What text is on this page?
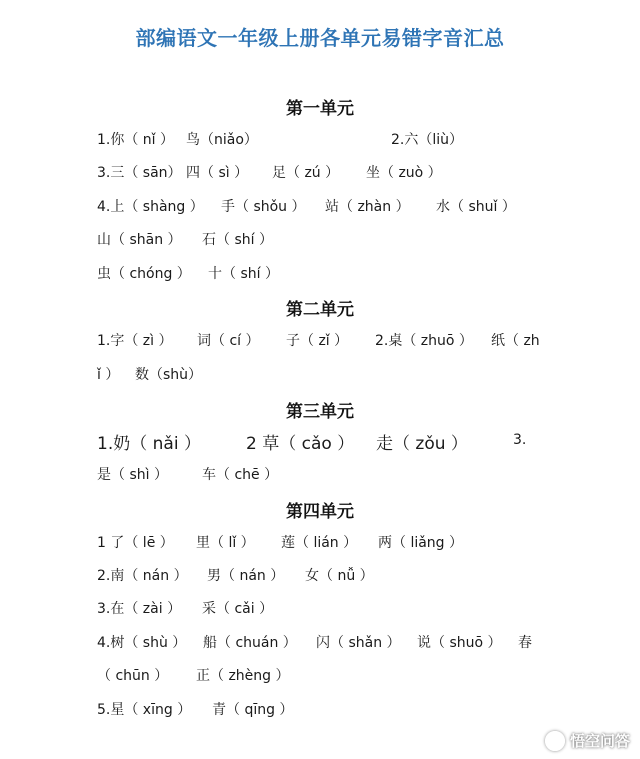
部编语文一年级上册各单元易错字音汇总
第一单元
1.你（ nǐ ） 鸟（niǎo）	2.六（liù）
3.三（ sān） 四（ sì ） 足（ zú ） 坐（ zuò ）
4.上（ shàng ） 手（ shǒu ） 站（ zhàn ） 水（ shuǐ ）
山（ shān ） 石（ shí ）
虫（ chóng ） 十（ shí ）
第二单元
1.字（ zì ） 词（ cí ） 子（ zǐ ） 2.桌（ zhuō ） 纸（ zh
ǐ ） 数（shù）
第三单元
1.奶（ nǎi ）	2 草（ cǎo ） 走（ zǒu ）	3.
是（ shì ） 车（ chē ）
第四单元
1 了（ lē ） 里（ lǐ ） 莲（ lián ） 两（ liǎng ）
2.南（ nán ） 男（ nán ） 女（ nǚ ）
3.在（ zài ） 采（ cǎi ）
4.树（ shù ） 船（ chuán ） 闪（ shǎn ） 说（ shuō ） 春
（ chūn ） 正（ zhèng ）
5.星（ xīng ） 青（ qīng ）
悟空问答
